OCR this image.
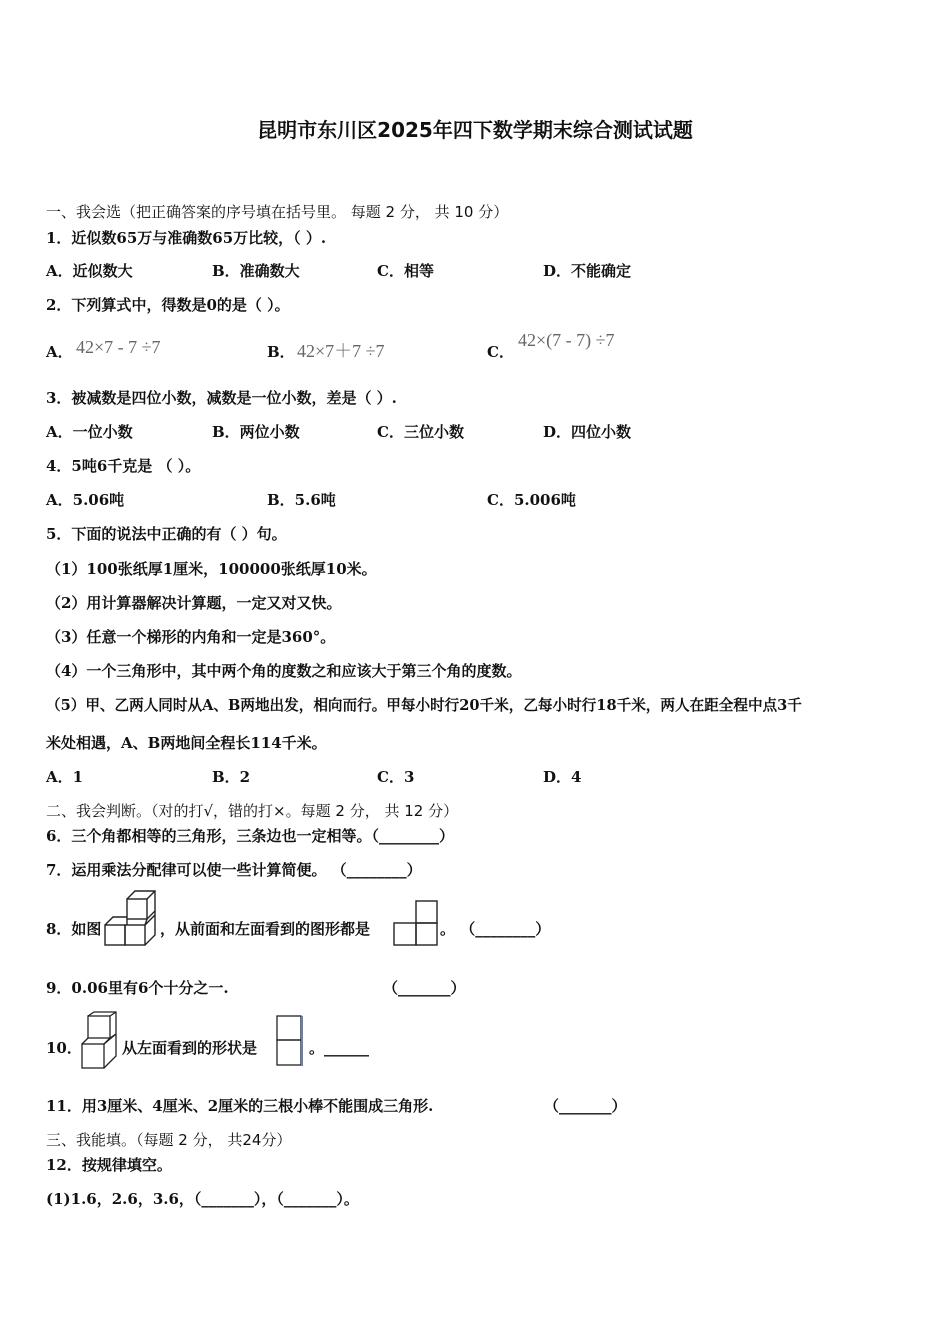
昆明市东川区2025年四下数学期末综合测试试题
一、我会选（把正确答案的序号填在括号里。 每题 2 分， 共 10 分）
1．近似数65万与准确数65万比较，（ ）.
A．近似数大	B．准确数大	C．相等	D．不能确定
2．下列算式中，得数是0的是（ ）。
A． 42×7 - 7 ÷7	B． 42×7＋7 ÷7	C．
42×(7 - 7) ÷7
3．被减数是四位小数，减数是一位小数，差是（ ）.
A．一位小数	B．两位小数	C．三位小数	D．四位小数
4．5吨6千克是 （ ）。
A．5.06吨	B．5.6吨	C．5.006吨
5．下面的说法中正确的有（ ）句。
（1）100张纸厚1厘米，100000张纸厚10米。
（2）用计算器解决计算题，一定又对又快。
（3）任意一个梯形的内角和一定是360°。
（4）一个三角形中，其中两个角的度数之和应该大于第三个角的度数。
（5）甲、乙两人同时从A、B两地出发，相向而行。甲每小时行20千米，乙每小时行18千米，两人在距全程中点3千
米处相遇，A、B两地间全程长114千米。
A．1	B．2	C．3	D．4
二、我会判断。（对的打√，错的打×。每题 2 分， 共 12 分）
6．三个角都相等的三角形，三条边也一定相等。（________）
7．运用乘法分配律可以使一些计算简便。 （________）
8．如图	，从前面和左面看到的图形都是	。 （________）
9．0.06里有6个十分之一.	（_______）
10．	从左面看到的形状是	。______
11．用3厘米、4厘米、2厘米的三根小棒不能围成三角形.	（_______）
三、我能填。（每题 2 分， 共24分）
12．按规律填空。
(1)1.6，2.6，3.6，（_______），（_______）。
